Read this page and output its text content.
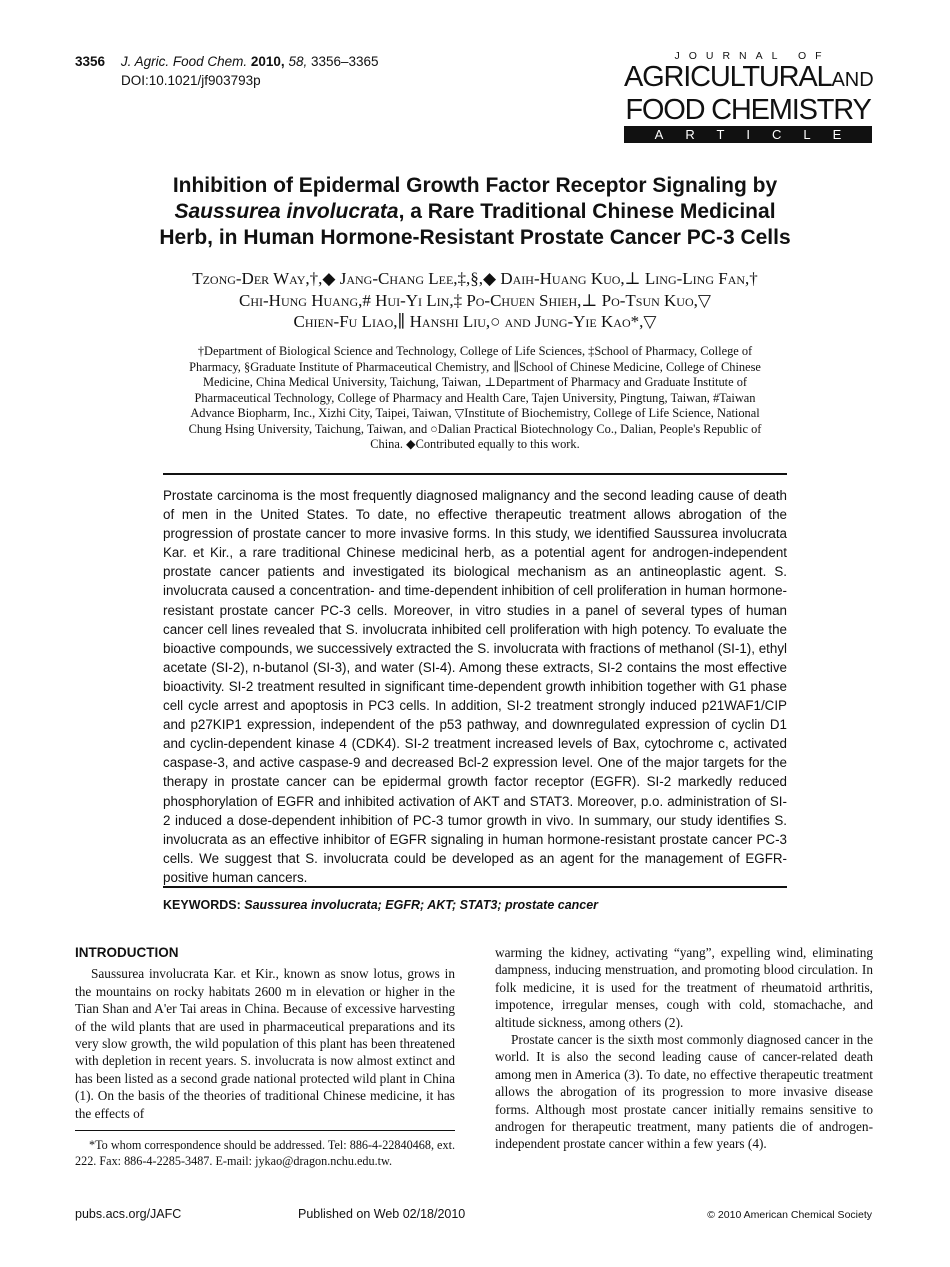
3356 J. Agric. Food Chem. 2010, 58, 3356–3365
DOI:10.1021/jf903793p
JOURNAL OF
AGRICULTURALAND
FOOD CHEMISTRY
ARTICLE
Inhibition of Epidermal Growth Factor Receptor Signaling by
Saussurea involucrata, a Rare Traditional Chinese Medicinal
Herb, in Human Hormone-Resistant Prostate Cancer PC-3 Cells
Tzong-Der Way,†,◆ Jang-Chang Lee,‡,§,◆ Daih-Huang Kuo,⊥ Ling-Ling Fan,†
Chi-Hung Huang,# Hui-Yi Lin,‡ Po-Chuen Shieh,⊥ Po-Tsun Kuo,▽
Chien-Fu Liao,∥ Hanshi Liu,○ and Jung-Yie Kao*,▽
†Department of Biological Science and Technology, College of Life Sciences, ‡School of Pharmacy, College of Pharmacy, §Graduate Institute of Pharmaceutical Chemistry, and ∥School of Chinese Medicine, College of Chinese Medicine, China Medical University, Taichung, Taiwan, ⊥Department of Pharmacy and Graduate Institute of Pharmaceutical Technology, College of Pharmacy and Health Care, Tajen University, Pingtung, Taiwan, #Taiwan Advance Biopharm, Inc., Xizhi City, Taipei, Taiwan, ▽Institute of Biochemistry, College of Life Science, National Chung Hsing University, Taichung, Taiwan, and ○Dalian Practical Biotechnology Co., Dalian, People's Republic of China. ◆Contributed equally to this work.
Prostate carcinoma is the most frequently diagnosed malignancy and the second leading cause of death of men in the United States. To date, no effective therapeutic treatment allows abrogation of the progression of prostate cancer to more invasive forms. In this study, we identified Saussurea involucrata Kar. et Kir., a rare traditional Chinese medicinal herb, as a potential agent for androgen-independent prostate cancer patients and investigated its biological mechanism as an antineoplastic agent. S. involucrata caused a concentration- and time-dependent inhibition of cell proliferation in human hormone-resistant prostate cancer PC-3 cells. Moreover, in vitro studies in a panel of several types of human cancer cell lines revealed that S. involucrata inhibited cell proliferation with high potency. To evaluate the bioactive compounds, we successively extracted the S. involucrata with fractions of methanol (SI-1), ethyl acetate (SI-2), n-butanol (SI-3), and water (SI-4). Among these extracts, SI-2 contains the most effective bioactivity. SI-2 treatment resulted in significant time-dependent growth inhibition together with G1 phase cell cycle arrest and apoptosis in PC3 cells. In addition, SI-2 treatment strongly induced p21WAF1/CIP and p27KIP1 expression, independent of the p53 pathway, and downregulated expression of cyclin D1 and cyclin-dependent kinase 4 (CDK4). SI-2 treatment increased levels of Bax, cytochrome c, activated caspase-3, and active caspase-9 and decreased Bcl-2 expression level. One of the major targets for the therapy in prostate cancer can be epidermal growth factor receptor (EGFR). SI-2 markedly reduced phosphorylation of EGFR and inhibited activation of AKT and STAT3. Moreover, p.o. administration of SI-2 induced a dose-dependent inhibition of PC-3 tumor growth in vivo. In summary, our study identifies S. involucrata as an effective inhibitor of EGFR signaling in human hormone-resistant prostate cancer PC-3 cells. We suggest that S. involucrata could be developed as an agent for the management of EGFR-positive human cancers.
KEYWORDS: Saussurea involucrata; EGFR; AKT; STAT3; prostate cancer
INTRODUCTION

Saussurea involucrata Kar. et Kir., known as snow lotus, grows in the mountains on rocky habitats 2600 m in elevation or higher in the Tian Shan and A'er Tai areas in China. Because of excessive harvesting of the wild plants that are used in pharmaceutical preparations and its very slow growth, the wild population of this plant has been threatened with depletion in recent years. S. involucrata is now almost extinct and has been listed as a second grade national protected wild plant in China (1). On the basis of the theories of traditional Chinese medicine, it has the effects of

*To whom correspondence should be addressed. Tel: 886-4-22840468, ext. 222. Fax: 886-4-2285-3487. E-mail: jykao@dragon.nchu.edu.tw.

warming the kidney, activating “yang”, expelling wind, eliminating dampness, inducing menstruation, and promoting blood circulation. In folk medicine, it is used for the treatment of rheumatoid arthritis, impotence, irregular menses, cough with cold, stomachache, and altitude sickness, among others (2).

Prostate cancer is the sixth most commonly diagnosed cancer in the world. It is also the second leading cause of cancer-related death among men in America (3). To date, no effective therapeutic treatment allows the abrogation of its progression to more invasive disease forms. Although most prostate cancer initially remains sensitive to androgen for therapeutic treatment, many patients die of androgen-independent prostate cancer within a few years (4).

pubs.acs.org/JAFC	Published on Web 02/18/2010	© 2010 American Chemical Society
